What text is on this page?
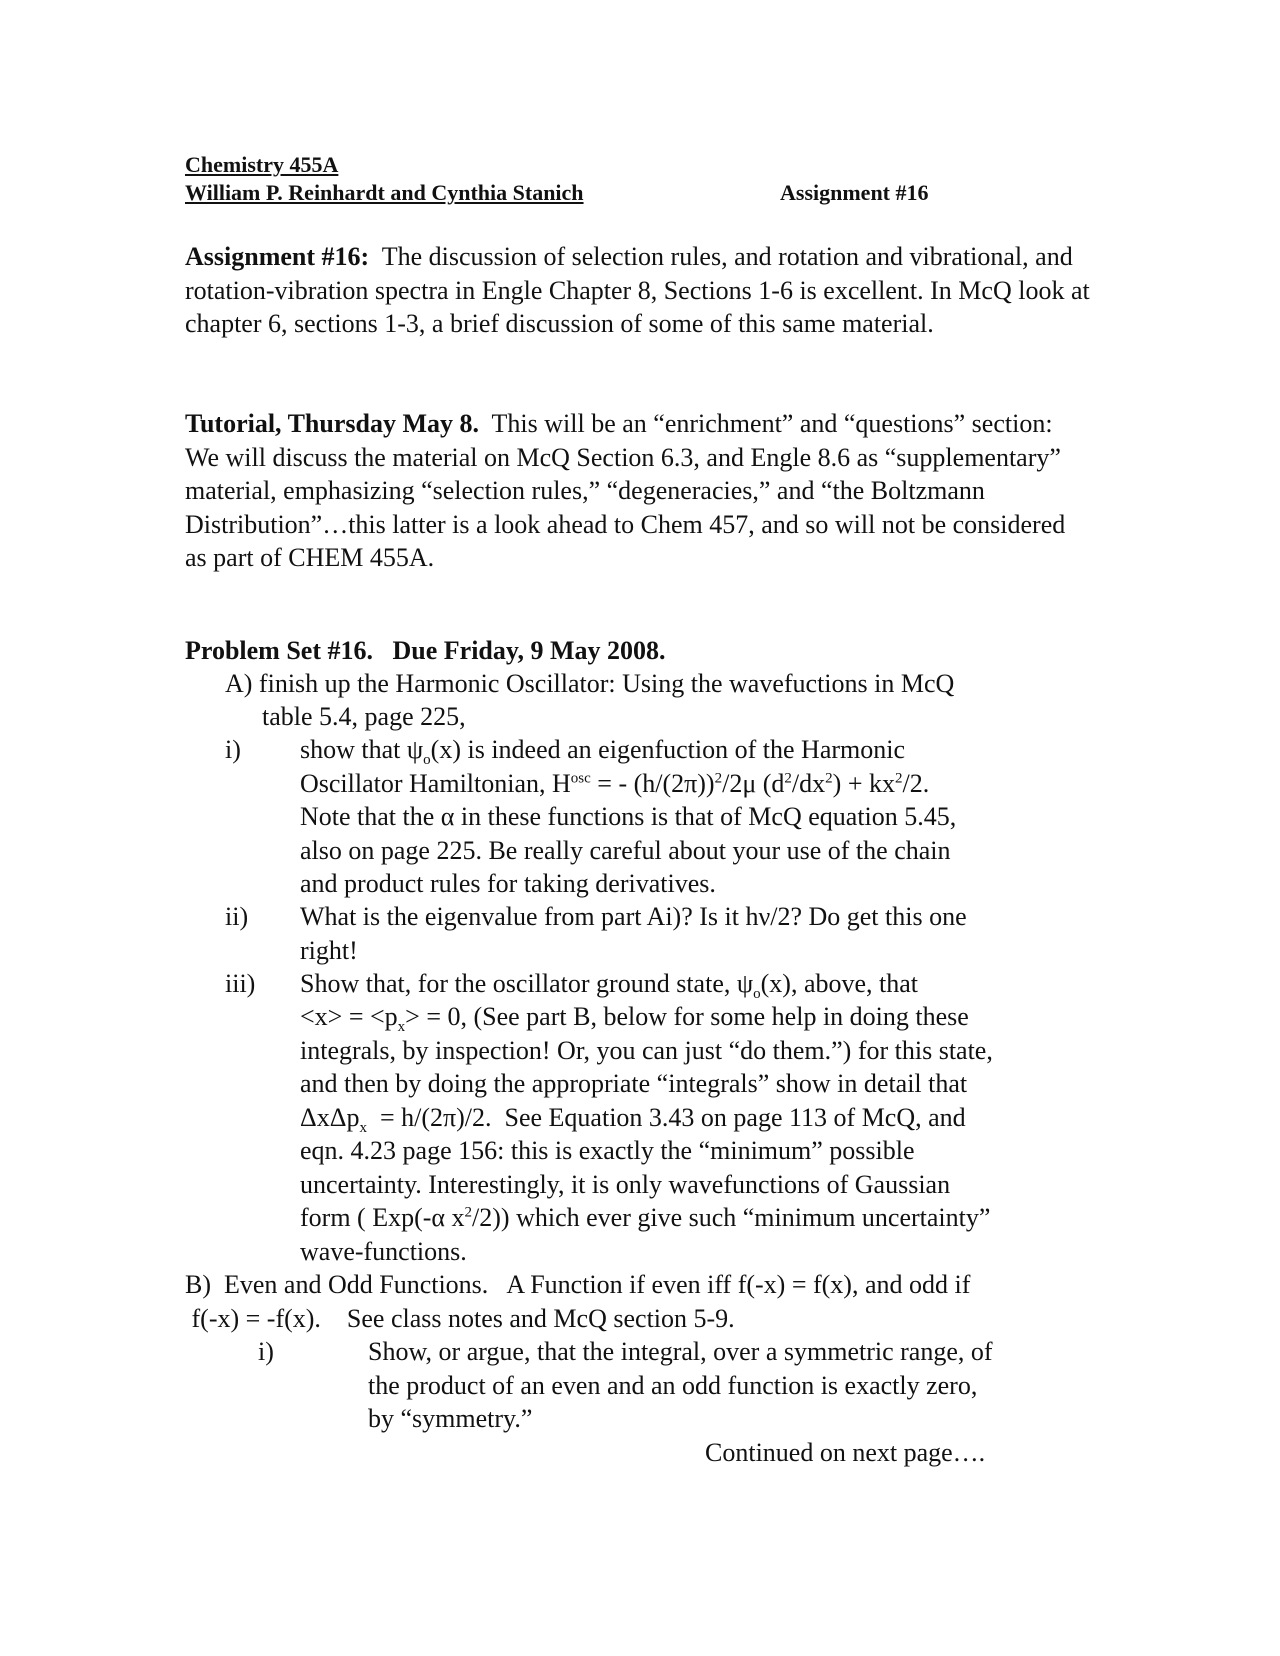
Chemistry 455A
William P. Reinhardt and Cynthia Stanich	Assignment #16
Assignment #16: The discussion of selection rules, and rotation and vibrational, and rotation-vibration spectra in Engle Chapter 8, Sections 1-6 is excellent. In McQ look at chapter 6, sections 1-3, a brief discussion of some of this same material.
Tutorial, Thursday May 8. This will be an “enrichment” and “questions” section: We will discuss the material on McQ Section 6.3, and Engle 8.6 as “supplementary” material, emphasizing “selection rules,” “degeneracies,” and “the Boltzmann Distribution”…this latter is a look ahead to Chem 457, and so will not be considered as part of CHEM 455A.
Problem Set #16.   Due Friday, 9 May 2008.
A) finish up the Harmonic Oscillator: Using the wavefuctions in McQ
table 5.4, page 225,
i) show that $\psi_o(x)$ is indeed an eigenfuction of the Harmonic
Oscillator Hamiltonian, $H^{osc}$ = - $(h/(2\pi))^2/2\mu$ $(d^2/dx^2) + kx^2/2$.
Note that the α in these functions is that of McQ equation 5.45,
also on page 225. Be really careful about your use of the chain
and product rules for taking derivatives.
ii) What is the eigenvalue from part Ai)? Is it hν/2? Do get this one
right!
iii) Show that, for the oscillator ground state, $\psi_o(x)$, above, that
$<x> = <p_x> = 0$, (See part B, below for some help in doing these
integrals, by inspection! Or, you can just “do them.”) for this state,
and then by doing the appropriate “integrals” show in detail that
ΔxΔp$_x$  = h/(2π)/2.  See Equation 3.43 on page 113 of McQ, and
eqn. 4.23 page 156: this is exactly the “minimum” possible
uncertainty. Interestingly, it is only wavefunctions of Gaussian
form ( Exp(-α $x^2/2$)) which ever give such “minimum uncertainty”
wave-functions.
B)  Even and Odd Functions.   A Function if even iff f(-x) = f(x), and odd if
f(-x) = -f(x).    See class notes and McQ section 5-9.
i)	Show, or argue, that the integral, over a symmetric range, of
the product of an even and an odd function is exactly zero,
by “symmetry.”
Continued on next page….
